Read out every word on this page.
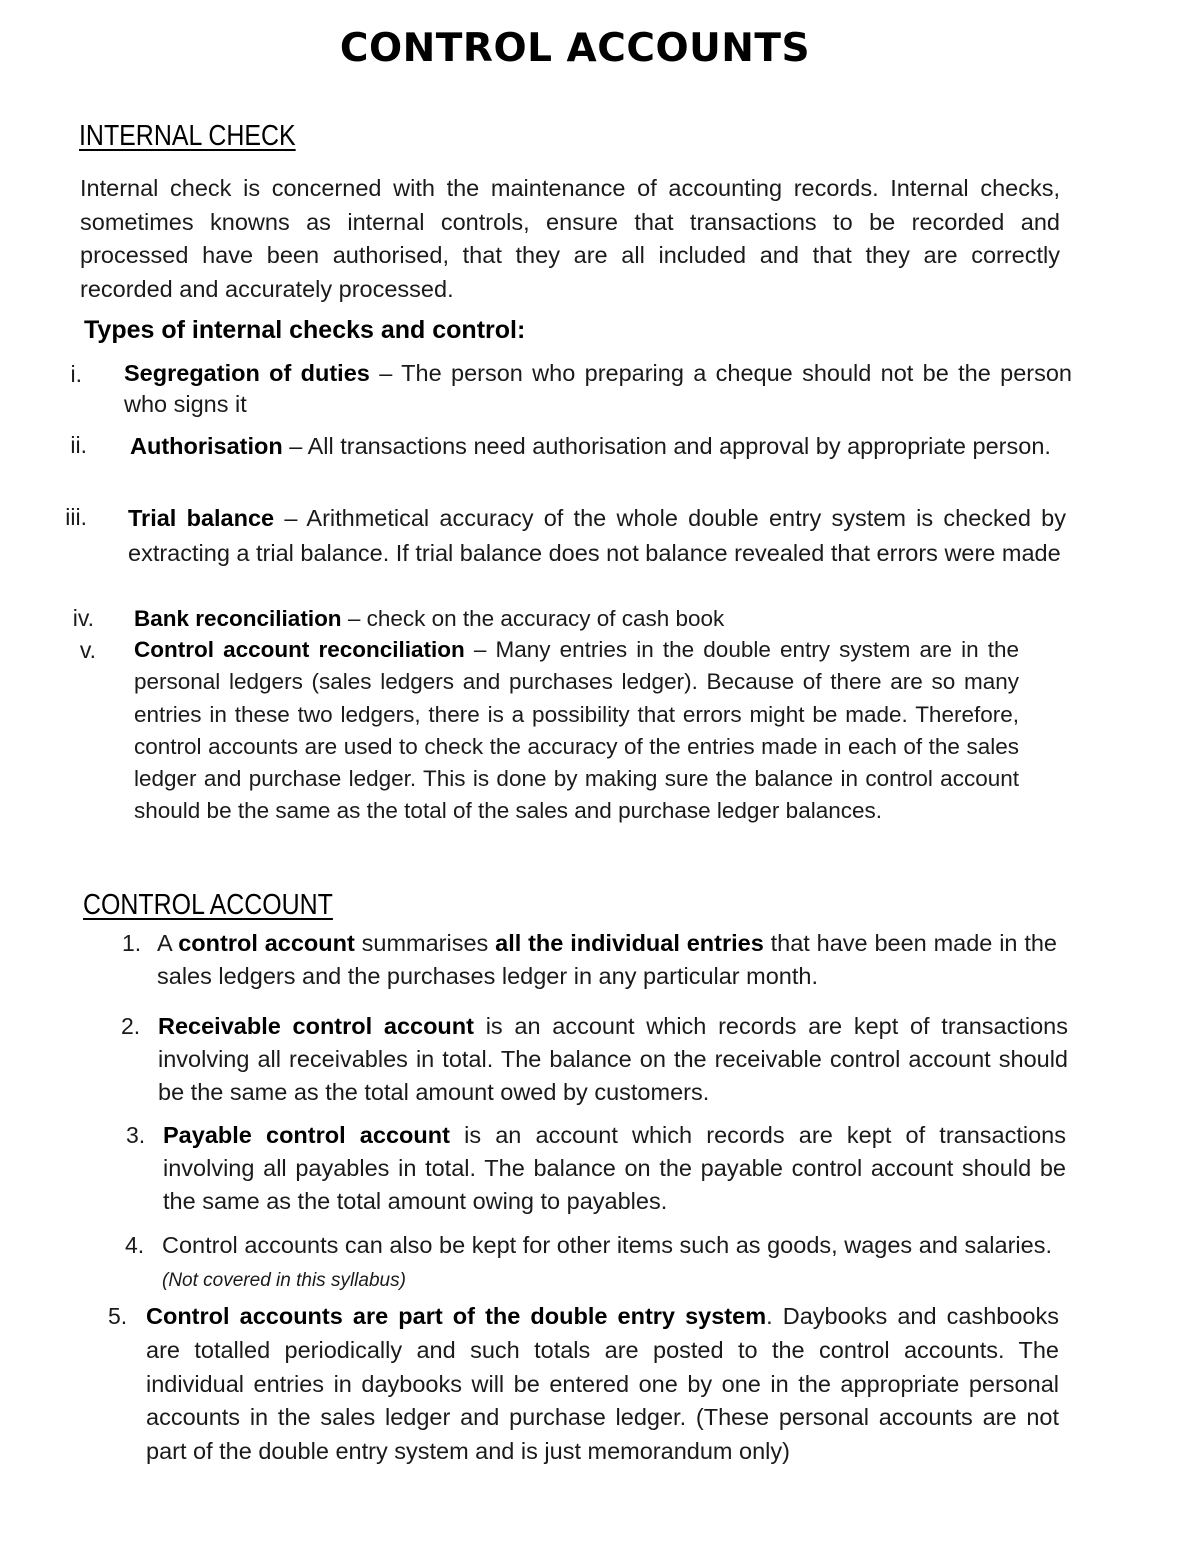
CONTROL ACCOUNTS
INTERNAL CHECK

Internal check is concerned with the maintenance of accounting records. Internal checks, sometimes knowns as internal controls, ensure that transactions to be recorded and processed have been authorised, that they are all included and that they are correctly recorded and accurately processed.

Types of internal checks and control:
i. Segregation of duties – The person who preparing a cheque should not be the person who signs it
ii. Authorisation – All transactions need authorisation and approval by appropriate person.
iii. Trial balance – Arithmetical accuracy of the whole double entry system is checked by extracting a trial balance. If trial balance does not balance revealed that errors were made
iv. Bank reconciliation – check on the accuracy of cash book
v. Control account reconciliation – Many entries in the double entry system are in the personal ledgers (sales ledgers and purchases ledger). Because of there are so many entries in these two ledgers, there is a possibility that errors might be made. Therefore, control accounts are used to check the accuracy of the entries made in each of the sales ledger and purchase ledger. This is done by making sure the balance in control account should be the same as the total of the sales and purchase ledger balances.
CONTROL ACCOUNT
1. A control account summarises all the individual entries that have been made in the sales ledgers and the purchases ledger in any particular month.
2. Receivable control account is an account which records are kept of transactions involving all receivables in total. The balance on the receivable control account should be the same as the total amount owed by customers.
3. Payable control account is an account which records are kept of transactions involving all payables in total. The balance on the payable control account should be the same as the total amount owing to payables.
4. Control accounts can also be kept for other items such as goods, wages and salaries. (Not covered in this syllabus)
5. Control accounts are part of the double entry system. Daybooks and cashbooks are totalled periodically and such totals are posted to the control accounts. The individual entries in daybooks will be entered one by one in the appropriate personal accounts in the sales ledger and purchase ledger. (These personal accounts are not part of the double entry system and is just memorandum only)
